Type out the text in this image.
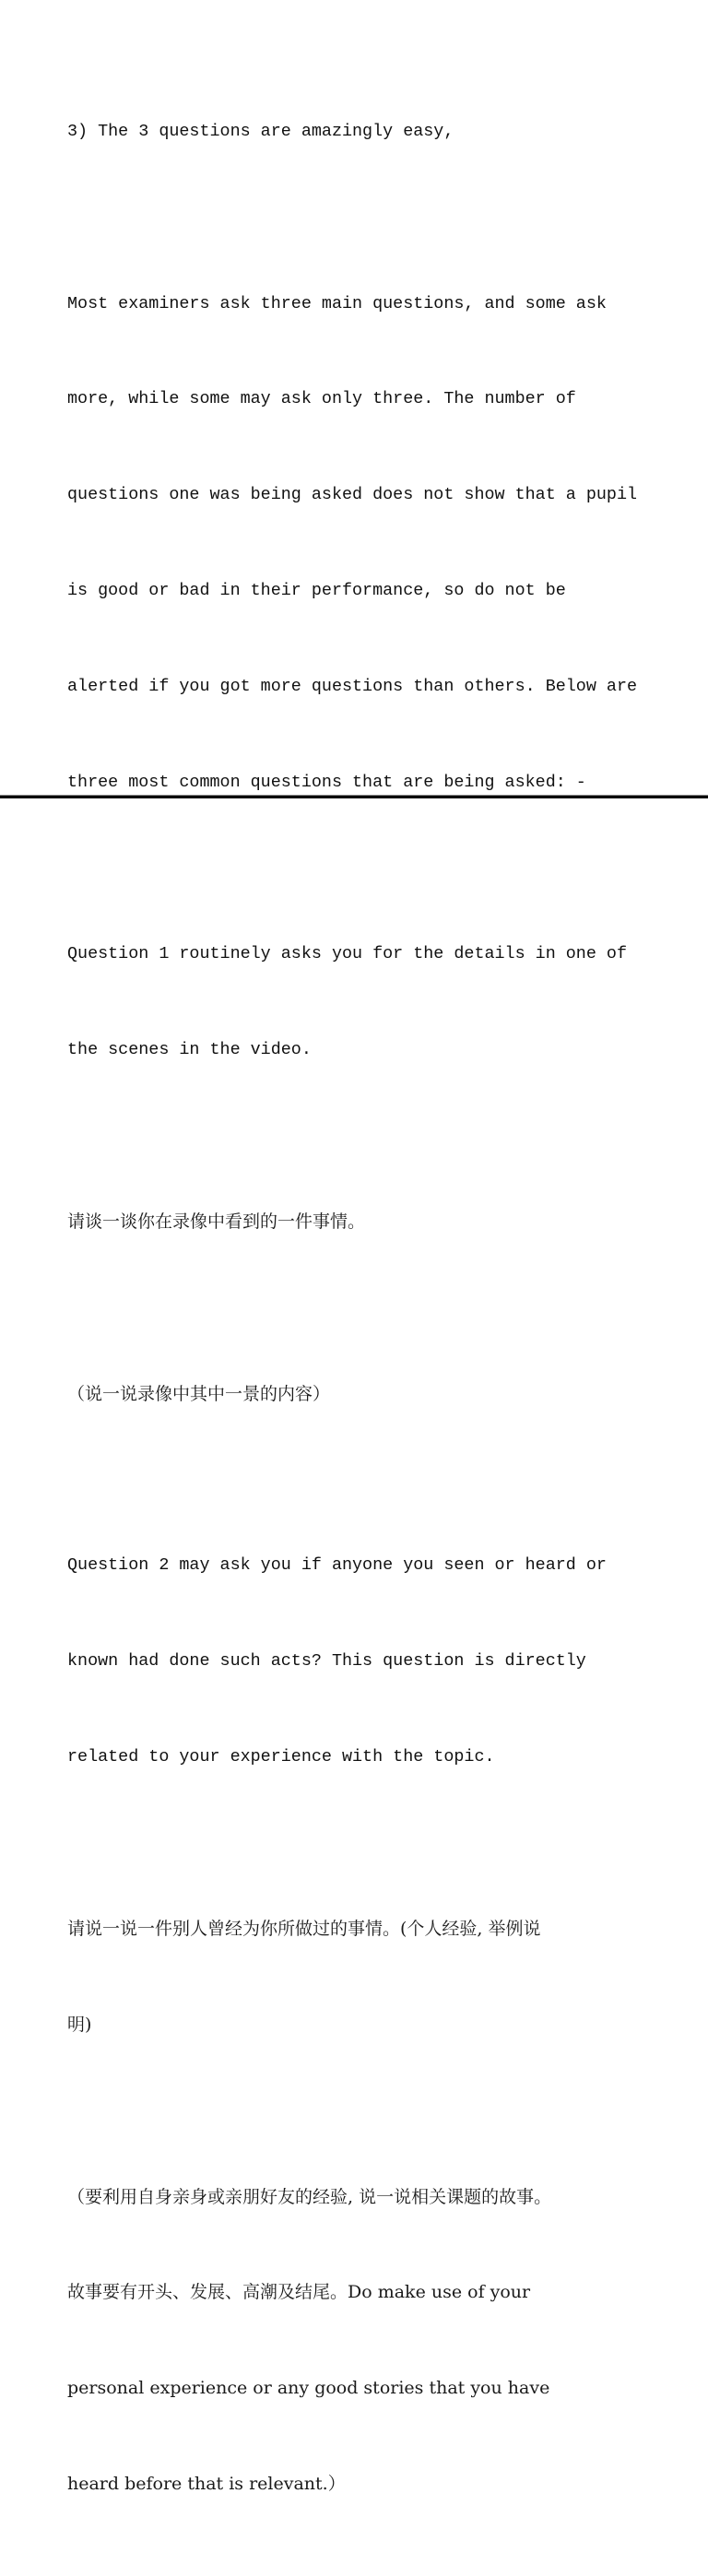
3) The 3 questions are amazingly easy,

Most examiners ask three main questions, and some ask

more, while some may ask only three. The number of

questions one was being asked does not show that a pupil

is good or bad in their performance, so do not be

alerted if you got more questions than others. Below are

three most common questions that are being asked: -

Question 1 routinely asks you for the details in one of

the scenes in the video.

请谈一谈你在录像中看到的一件事情。

（说一说录像中其中一景的内容）

Question 2 may ask you if anyone you seen or heard or

known had done such acts? This question is directly

related to your experience with the topic.

请说一说一件别人曾经为你所做过的事情。(个人经验, 举例说

明)

（要利用自身亲身或亲朋好友的经验, 说一说相关课题的故事。

故事要有开头、发展、高潮及结尾。Do make use of your

personal experience or any good stories that you have

heard before that is relevant.）
